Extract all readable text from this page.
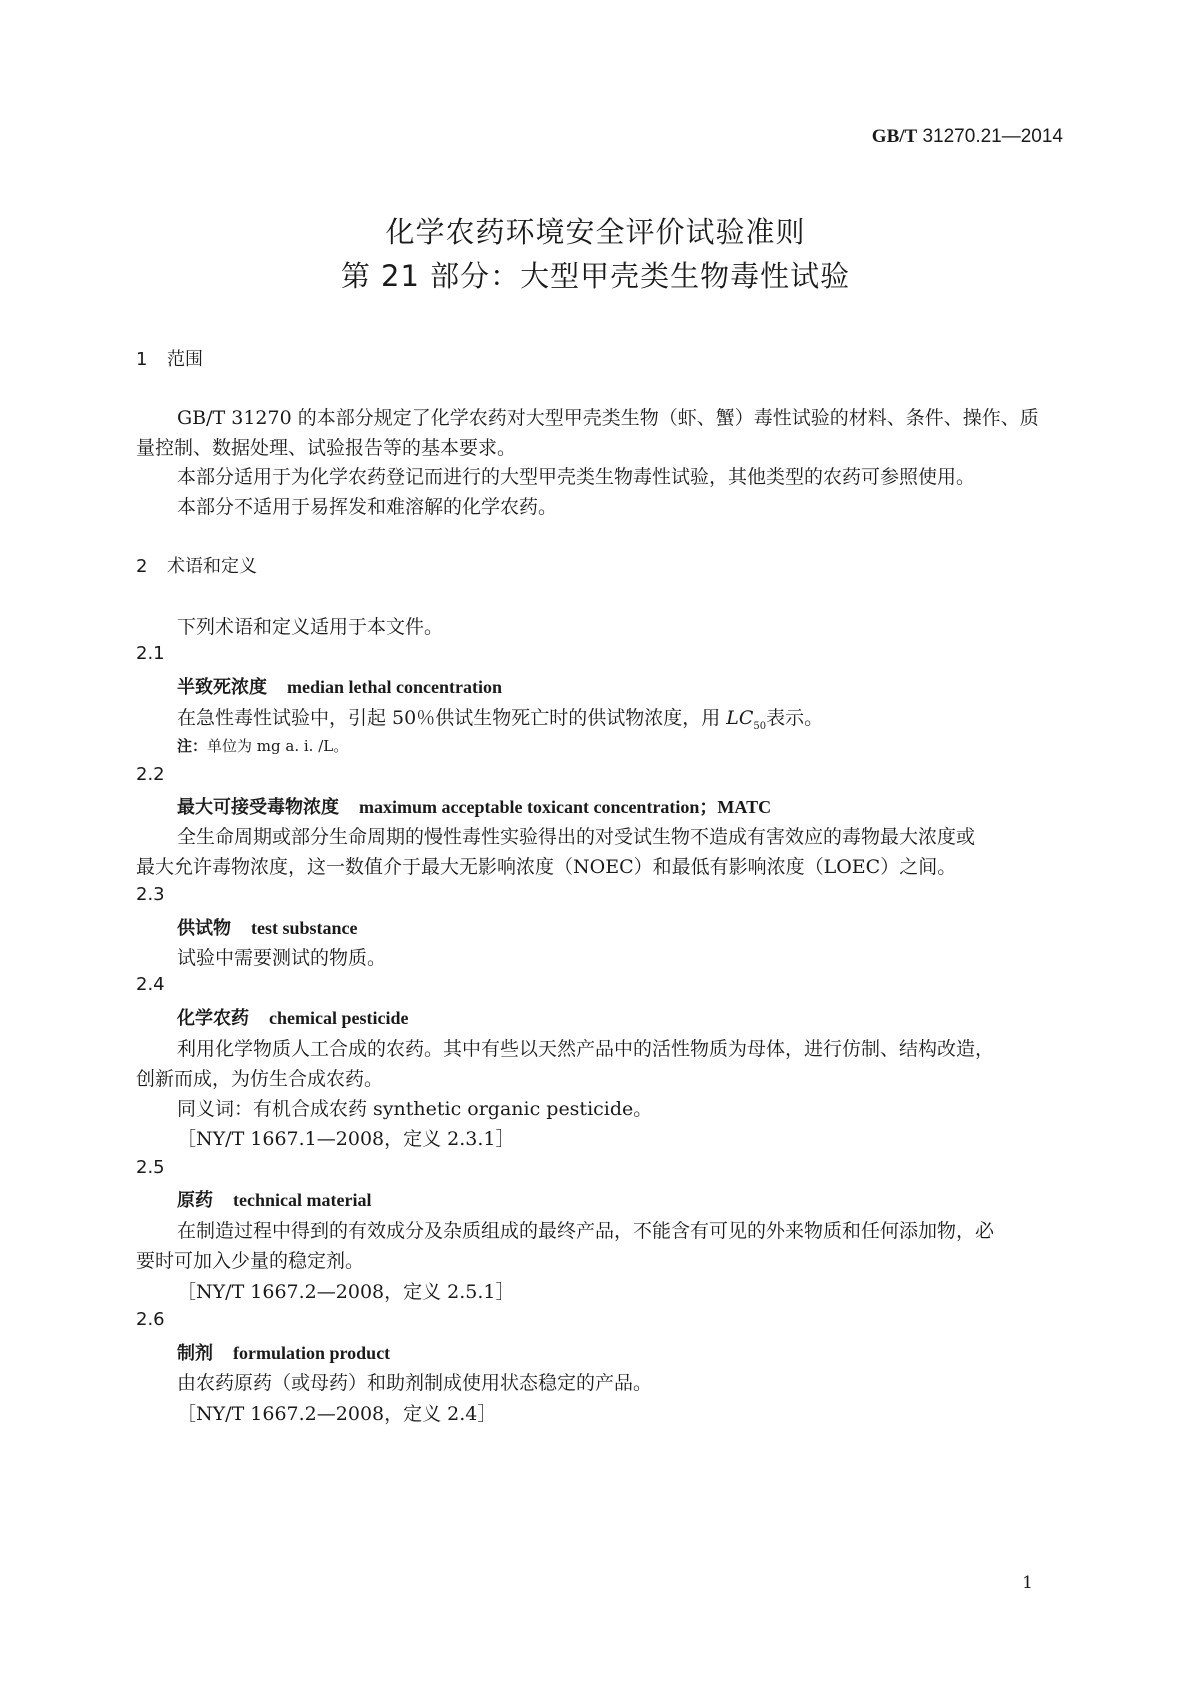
GB/T 31270.21—2014
化学农药环境安全评价试验准则
第 21 部分：大型甲壳类生物毒性试验
1 范围
GB/T 31270 的本部分规定了化学农药对大型甲壳类生物（虾、蟹）毒性试验的材料、条件、操作、质
量控制、数据处理、试验报告等的基本要求。
本部分适用于为化学农药登记而进行的大型甲壳类生物毒性试验，其他类型的农药可参照使用。
本部分不适用于易挥发和难溶解的化学农药。
2 术语和定义
下列术语和定义适用于本文件。
2.1
半致死浓度 median lethal concentration
在急性毒性试验中，引起 50％供试生物死亡时的供试物浓度，用 $LC_{50}$表示。
注：单位为 mg a. i. /L。
2.2
最大可接受毒物浓度 maximum acceptable toxicant concentration；MATC
全生命周期或部分生命周期的慢性毒性实验得出的对受试生物不造成有害效应的毒物最大浓度或
最大允许毒物浓度，这一数值介于最大无影响浓度（NOEC）和最低有影响浓度（LOEC）之间。
2.3
供试物 test substance
试验中需要测试的物质。
2.4
化学农药 chemical pesticide
利用化学物质人工合成的农药。其中有些以天然产品中的活性物质为母体，进行仿制、结构改造，
创新而成，为仿生合成农药。
同义词：有机合成农药 synthetic organic pesticide。
［NY/T 1667.1—2008，定义 2.3.1］
2.5
原药 technical material
在制造过程中得到的有效成分及杂质组成的最终产品，不能含有可见的外来物质和任何添加物，必
要时可加入少量的稳定剂。
［NY/T 1667.2—2008，定义 2.5.1］
2.6
制剂 formulation product
由农药原药（或母药）和助剂制成使用状态稳定的产品。
［NY/T 1667.2—2008，定义 2.4］
1
